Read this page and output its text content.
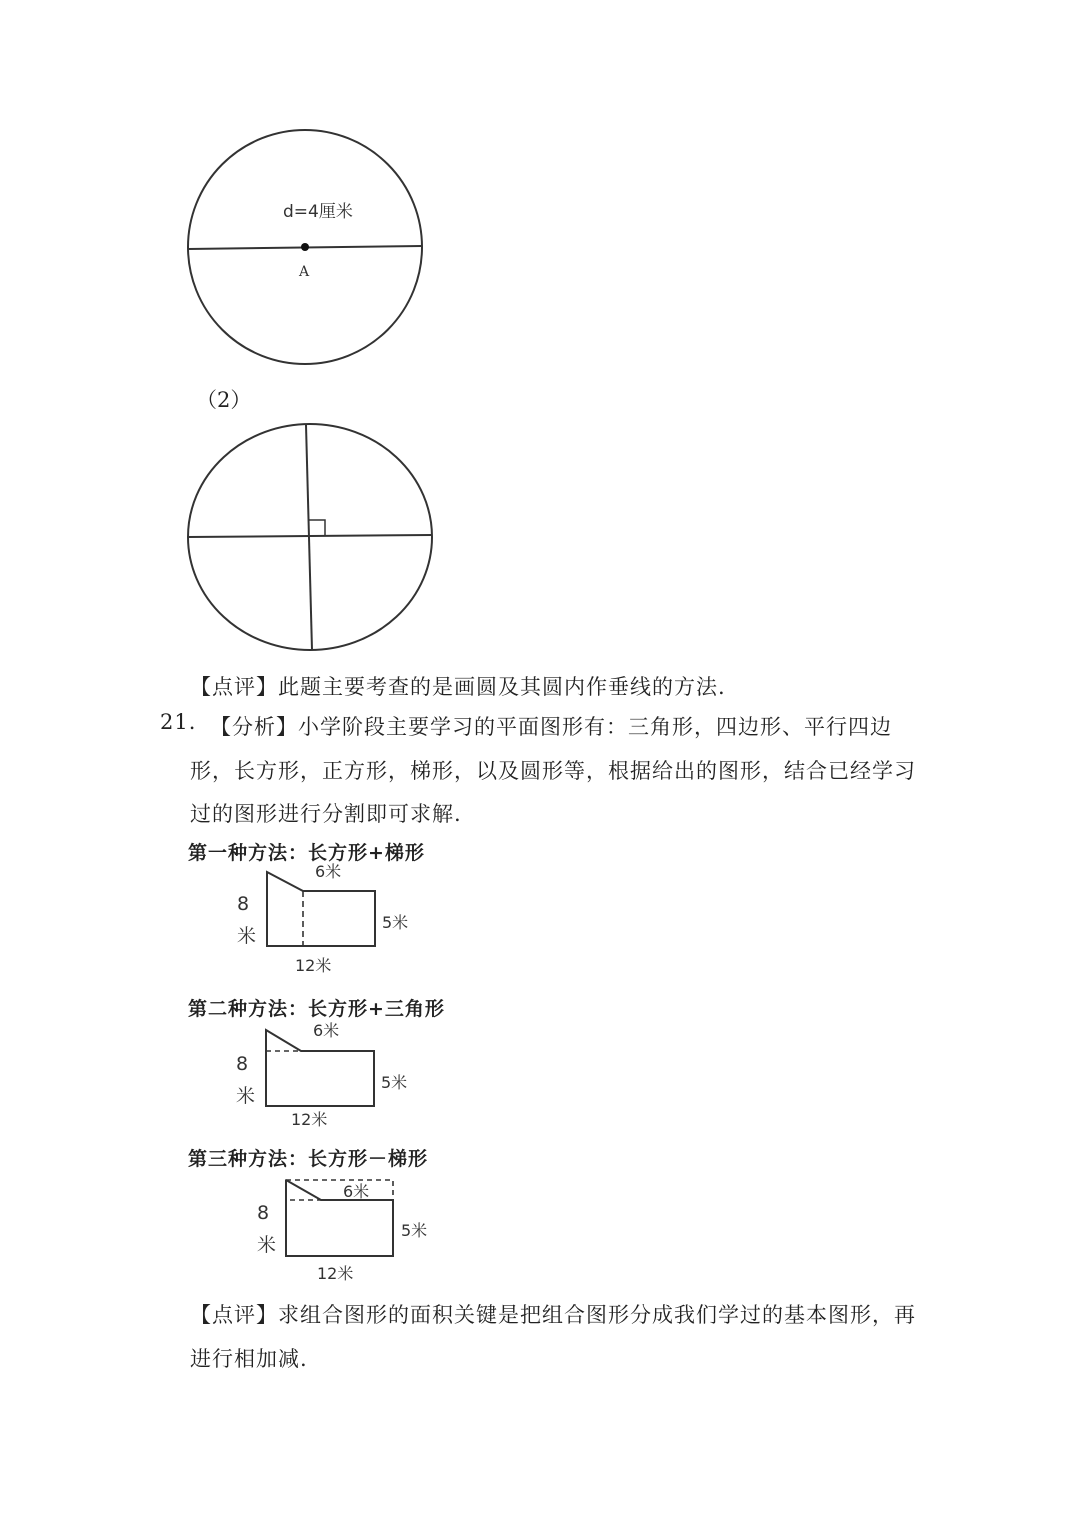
d=4厘米
A
（2）
【点评】此题主要考查的是画圆及其圆内作垂线的方法.
21. 【分析】小学阶段主要学习的平面图形有：三角形，四边形、平行四边
形，长方形，正方形，梯形，以及圆形等，根据给出的图形，结合已经学习
过的图形进行分割即可求解.
第一种方法：长方形+梯形
6米
8
米
5米
12米
第二种方法：长方形+三角形
6米
8
米
5米
12米
第三种方法：长方形－梯形
6米
8
米
5米
12米
【点评】求组合图形的面积关键是把组合图形分成我们学过的基本图形，再
进行相加减.
